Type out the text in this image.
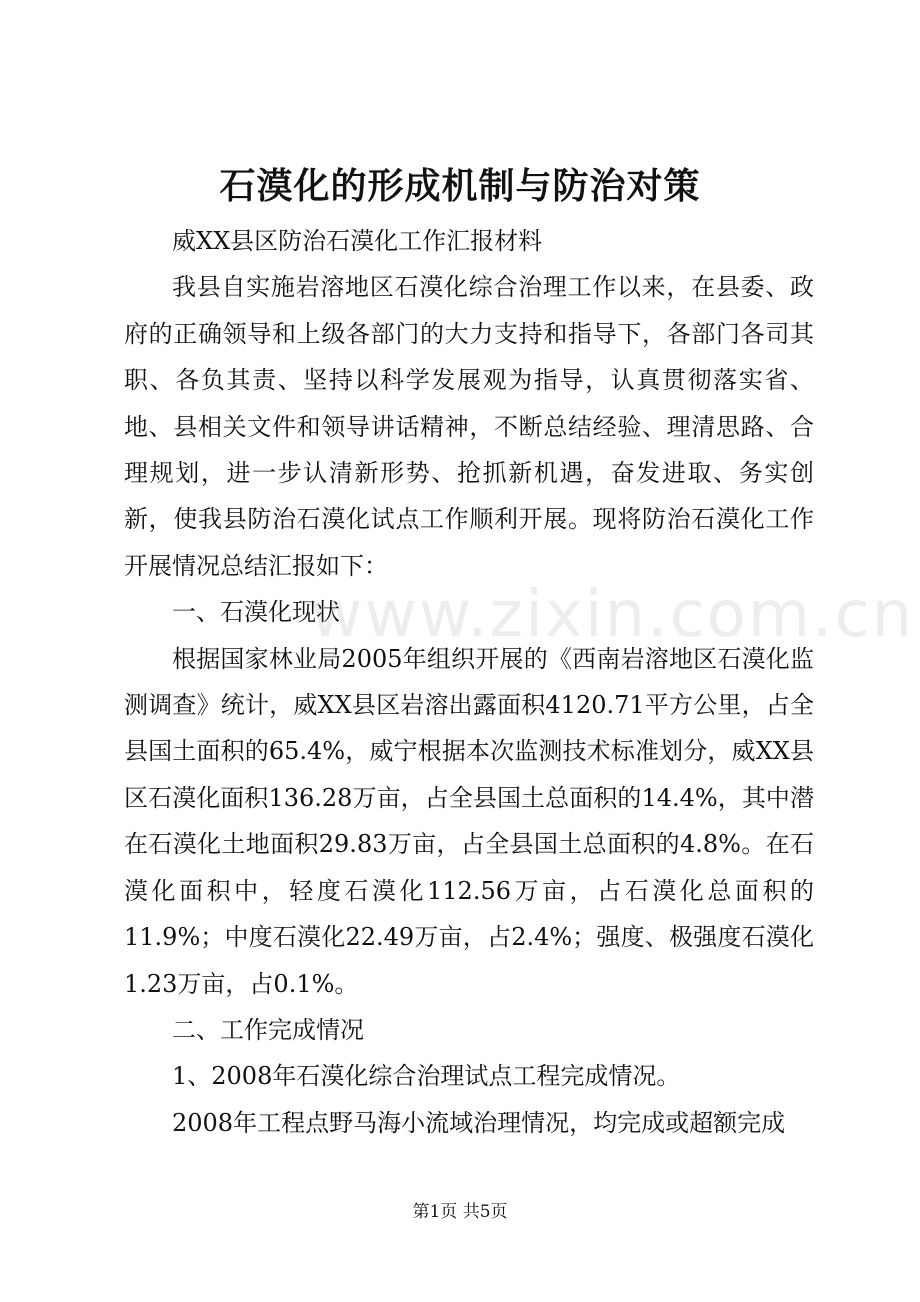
www.zixin.com.cn
石漠化的形成机制与防治对策

威XX县区防治石漠化工作汇报材料

我县自实施岩溶地区石漠化综合治理工作以来，在县委、政府的正确领导和上级各部门的大力支持和指导下，各部门各司其职、各负其责、坚持以科学发展观为指导，认真贯彻落实省、地、县相关文件和领导讲话精神，不断总结经验、理清思路、合理规划，进一步认清新形势、抢抓新机遇，奋发进取、务实创新，使我县防治石漠化试点工作顺利开展。现将防治石漠化工作开展情况总结汇报如下：

一、石漠化现状

根据国家林业局2005年组织开展的《西南岩溶地区石漠化监测调查》统计，威XX县区岩溶出露面积4120.71平方公里，占全县国土面积的65.4%，威宁根据本次监测技术标准划分，威XX县区石漠化面积136.28万亩，占全县国土总面积的14.4%，其中潜在石漠化土地面积29.83万亩，占全县国土总面积的4.8%。在石漠化面积中，轻度石漠化112.56万亩，占石漠化总面积的11.9%；中度石漠化22.49万亩，占2.4%；强度、极强度石漠化1.23万亩，占0.1%。

二、工作完成情况

1、2008年石漠化综合治理试点工程完成情况。

2008年工程点野马海小流域治理情况，均完成或超额完成

第1页 共5页
